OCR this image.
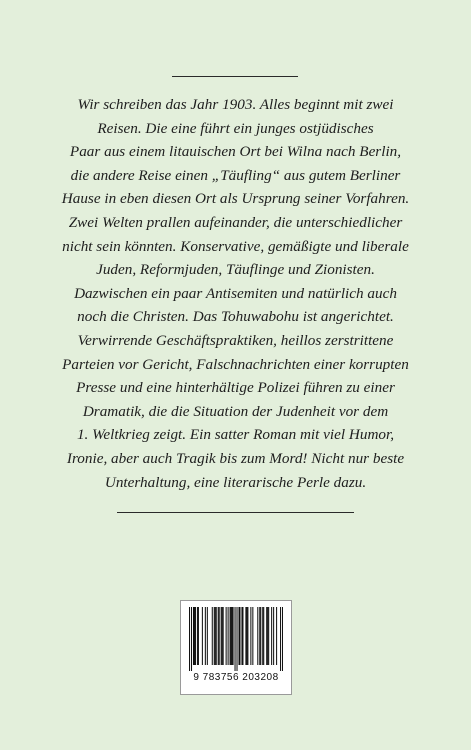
Wir schreiben das Jahr 1903. Alles beginnt mit zwei
Reisen. Die eine führt ein junges ostjüdisches
Paar aus einem litauischen Ort bei Wilna nach Berlin,
die andere Reise einen „Täufling“ aus gutem Berliner
Hause in eben diesen Ort als Ursprung seiner Vorfahren.
Zwei Welten prallen aufeinander, die unterschiedlicher
nicht sein könnten. Konservative, gemäßigte und liberale
Juden, Reformjuden, Täuflinge und Zionisten.
Dazwischen ein paar Antisemiten und natürlich auch
noch die Christen. Das Tohuwabohu ist angerichtet.
Verwirrende Geschäftspraktiken, heillos zerstrittene
Parteien vor Gericht, Falschnachrichten einer korrupten
Presse und eine hinterhältige Polizei führen zu einer
Dramatik, die die Situation der Judenheit vor dem
1. Weltkrieg zeigt. Ein satter Roman mit viel Humor,
Ironie, aber auch Tragik bis zum Mord! Nicht nur beste
Unterhaltung, eine literarische Perle dazu.
9 783756 203208
